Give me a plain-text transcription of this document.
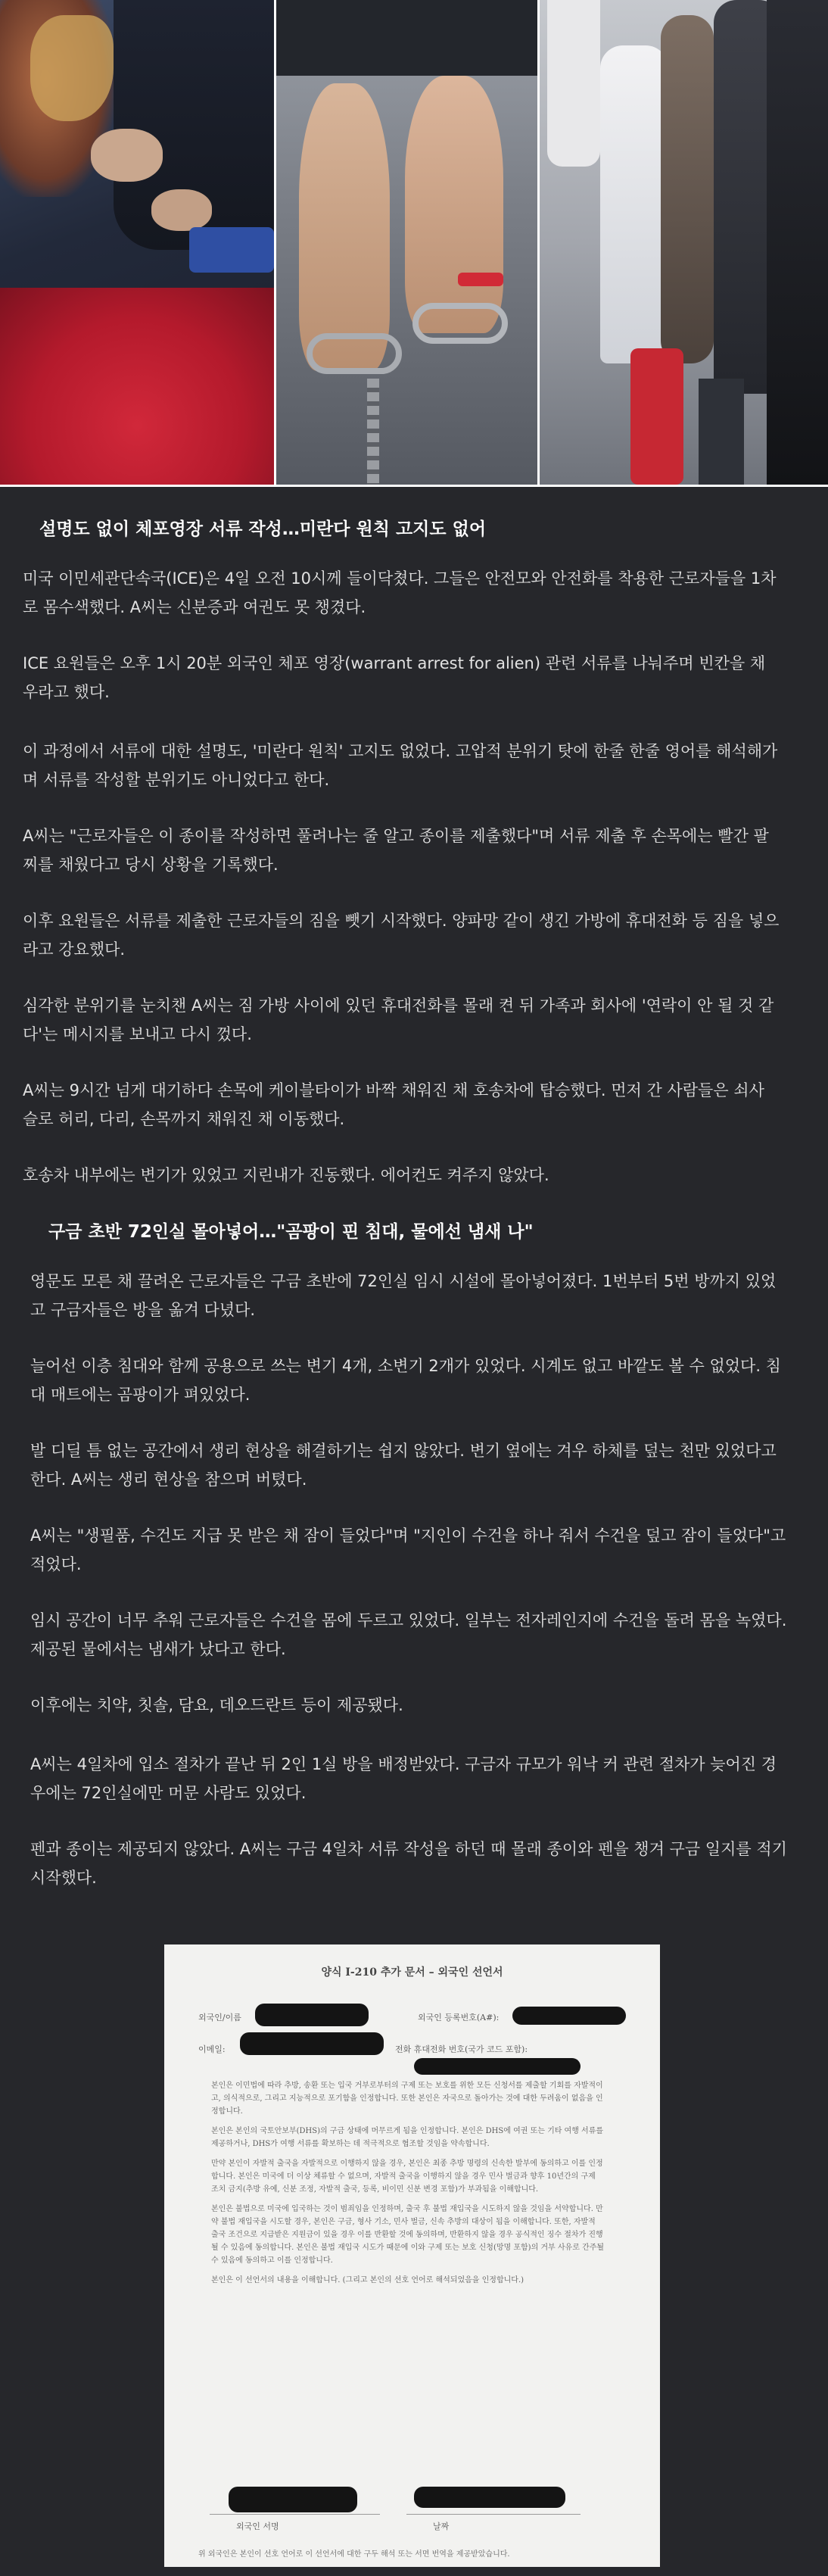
설명도 없이 체포영장 서류 작성…미란다 원칙 고지도 없어
미국 이민세관단속국(ICE)은 4일 오전 10시께 들이닥쳤다. 그들은 안전모와 안전화를 착용한 근로자들을 1차로 몸수색했다. A씨는 신분증과 여권도 못 챙겼다.
ICE 요원들은 오후 1시 20분 외국인 체포 영장(warrant arrest for alien) 관련 서류를 나눠주며 빈칸을 채우라고 했다.
이 과정에서 서류에 대한 설명도, '미란다 원칙' 고지도 없었다. 고압적 분위기 탓에 한줄 한줄 영어를 해석해가며 서류를 작성할 분위기도 아니었다고 한다.
A씨는 "근로자들은 이 종이를 작성하면 풀려나는 줄 알고 종이를 제출했다"며 서류 제출 후 손목에는 빨간 팔찌를 채웠다고 당시 상황을 기록했다.
이후 요원들은 서류를 제출한 근로자들의 짐을 뺏기 시작했다. 양파망 같이 생긴 가방에 휴대전화 등 짐을 넣으라고 강요했다.
심각한 분위기를 눈치챈 A씨는 짐 가방 사이에 있던 휴대전화를 몰래 켠 뒤 가족과 회사에 '연락이 안 될 것 같다'는 메시지를 보내고 다시 껐다.
A씨는 9시간 넘게 대기하다 손목에 케이블타이가 바짝 채워진 채 호송차에 탑승했다. 먼저 간 사람들은 쇠사슬로 허리, 다리, 손목까지 채워진 채 이동했다.
호송차 내부에는 변기가 있었고 지린내가 진동했다. 에어컨도 켜주지 않았다.
구금 초반 72인실 몰아넣어…"곰팡이 핀 침대, 물에선 냄새 나"
영문도 모른 채 끌려온 근로자들은 구금 초반에 72인실 임시 시설에 몰아넣어졌다. 1번부터 5번 방까지 있었고 구금자들은 방을 옮겨 다녔다.
늘어선 이층 침대와 함께 공용으로 쓰는 변기 4개, 소변기 2개가 있었다. 시계도 없고 바깥도 볼 수 없었다. 침대 매트에는 곰팡이가 펴있었다.
발 디딜 틈 없는 공간에서 생리 현상을 해결하기는 쉽지 않았다. 변기 옆에는 겨우 하체를 덮는 천만 있었다고 한다. A씨는 생리 현상을 참으며 버텼다.
A씨는 "생필품, 수건도 지급 못 받은 채 잠이 들었다"며 "지인이 수건을 하나 줘서 수건을 덮고 잠이 들었다"고 적었다.
임시 공간이 너무 추워 근로자들은 수건을 몸에 두르고 있었다. 일부는 전자레인지에 수건을 돌려 몸을 녹였다. 제공된 물에서는 냄새가 났다고 한다.
이후에는 치약, 칫솔, 담요, 데오드란트 등이 제공됐다.
A씨는 4일차에 입소 절차가 끝난 뒤 2인 1실 방을 배정받았다. 구금자 규모가 워낙 커 관련 절차가 늦어진 경우에는 72인실에만 머문 사람도 있었다.
펜과 종이는 제공되지 않았다. A씨는 구금 4일차 서류 작성을 하던 때 몰래 종이와 펜을 챙겨 구금 일지를 적기 시작했다.
양식 I-210 추가 문서 – 외국인 선언서
외국인/이름	외국인 등록번호(A#):
이메일:	전화 휴대전화 번호(국가 코드 포함):

본인은 이민법에 따라 추방, 송환 또는 입국 거부로부터의 구제 또는 보호를 위한 모든 신청서를 제출할 기회를 자발적이고, 의식적으로, 그리고 지능적으로 포기함을 인정합니다. 또한 본인은 자국으로 돌아가는 것에 대한 두려움이 없음을 인정합니다.

본인은 본인의 국토안보부(DHS)의 구금 상태에 머무르게 됨을 인정합니다. 본인은 DHS에 여권 또는 기타 여행 서류를 제공하거나, DHS가 여행 서류를 확보하는 데 적극적으로 협조할 것임을 약속합니다.

만약 본인이 자발적 출국을 자발적으로 이행하지 않을 경우, 본인은 최종 추방 명령의 신속한 발부에 동의하고 이를 인정합니다. 본인은 미국에 더 이상 체류할 수 없으며, 자발적 출국을 이행하지 않을 경우 민사 벌금과 향후 10년간의 구제 조치 금지(추방 유예, 신분 조정, 자발적 출국, 등록, 비이민 신분 변경 포함)가 부과됨을 이해합니다.

본인은 불법으로 미국에 입국하는 것이 범죄임을 인정하며, 출국 후 불법 재입국을 시도하지 않을 것임을 서약합니다. 만약 불법 재입국을 시도할 경우, 본인은 구금, 형사 기소, 민사 벌금, 신속 추방의 대상이 됨을 이해합니다. 또한, 자발적 출국 조건으로 지급받은 지원금이 있을 경우 이를 반환할 것에 동의하며, 반환하지 않을 경우 공식적인 징수 절차가 진행될 수 있음에 동의합니다. 본인은 불법 재입국 시도가 때문에 이와 구제 또는 보호 신청(망명 포함)의 거부 사유로 간주될 수 있음에 동의하고 이를 인정합니다.

본인은 이 선언서의 내용을 이해합니다. (그리고 본인의 선호 언어로 해석되었음을 인정합니다.)

외국인 서명	날짜
위 외국인은 본인이 선호 언어로 이 선언서에 대한 구두 해석 또는 서면 번역을 제공받았습니다.
